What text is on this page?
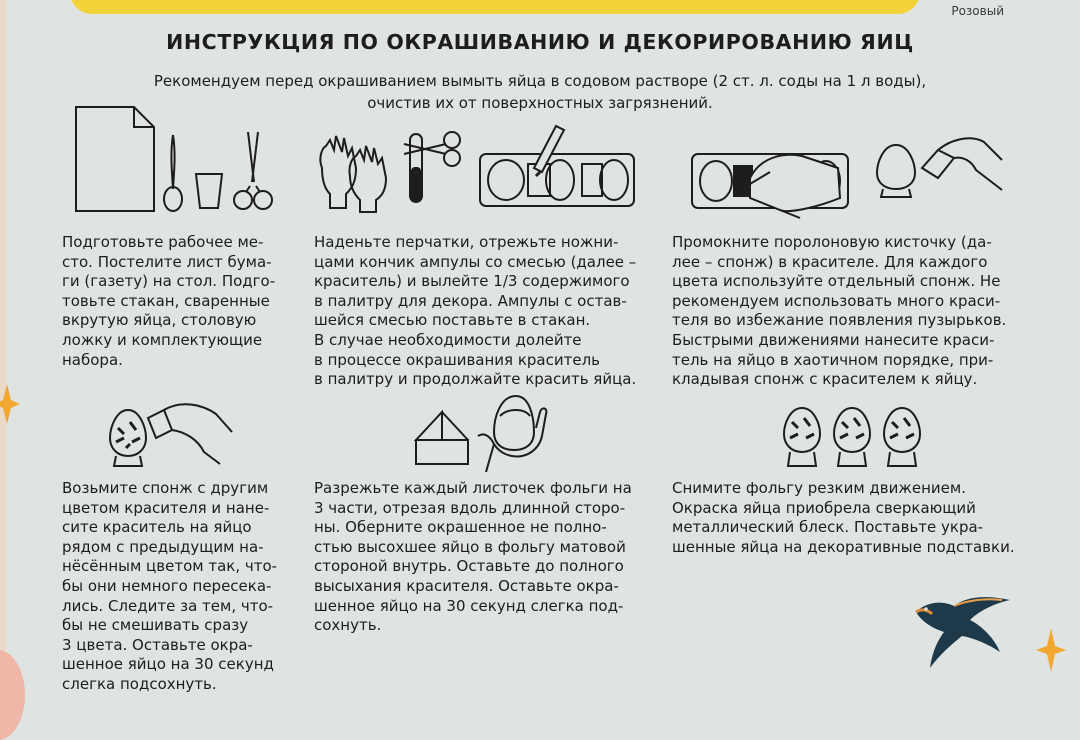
Розовый
ИНСТРУКЦИЯ ПО ОКРАШИВАНИЮ И ДЕКОРИРОВАНИЮ ЯИЦ
Рекомендуем перед окрашиванием вымыть яйца в содовом растворе (2 ст. л. соды на 1 л воды),
очистив их от поверхностных загрязнений.
Подготовьте рабочее ме-
сто. Постелите лист бума-
ги (газету) на стол. Подго-
товьте стакан, сваренные
вкрутую яйца, столовую
ложку и комплектующие
набора.
Наденьте перчатки, отрежьте ножни-
цами кончик ампулы со смесью (далее –
краситель) и вылейте 1/3 содержимого
в палитру для декора. Ампулы с остав-
шейся смесью поставьте в стакан.
В случае необходимости долейте
в процессе окрашивания краситель
в палитру и продолжайте красить яйца.
Промокните поролоновую кисточку (да-
лее – спонж) в красителе. Для каждого
цвета используйте отдельный спонж. Не
рекомендуем использовать много краси-
теля во избежание появления пузырьков.
Быстрыми движениями нанесите краси-
тель на яйцо в хаотичном порядке, при-
кладывая спонж с красителем к яйцу.
Возьмите спонж с другим
цветом красителя и нане-
сите краситель на яйцо
рядом с предыдущим на-
нёсённым цветом так, что-
бы они немного пересека-
лись. Следите за тем, что-
бы не смешивать сразу
3 цвета. Оставьте окра-
шенное яйцо на 30 секунд
слегка подсохнуть.
Разрежьте каждый листочек фольги на
3 части, отрезая вдоль длинной сторо-
ны. Оберните окрашенное не полно-
стью высохшее яйцо в фольгу матовой
стороной внутрь. Оставьте до полного
высыхания красителя. Оставьте окра-
шенное яйцо на 30 секунд слегка под-
сохнуть.
Снимите фольгу резким движением.
Окраска яйца приобрела сверкающий
металлический блеск. Поставьте укра-
шенные яйца на декоративные подставки.
